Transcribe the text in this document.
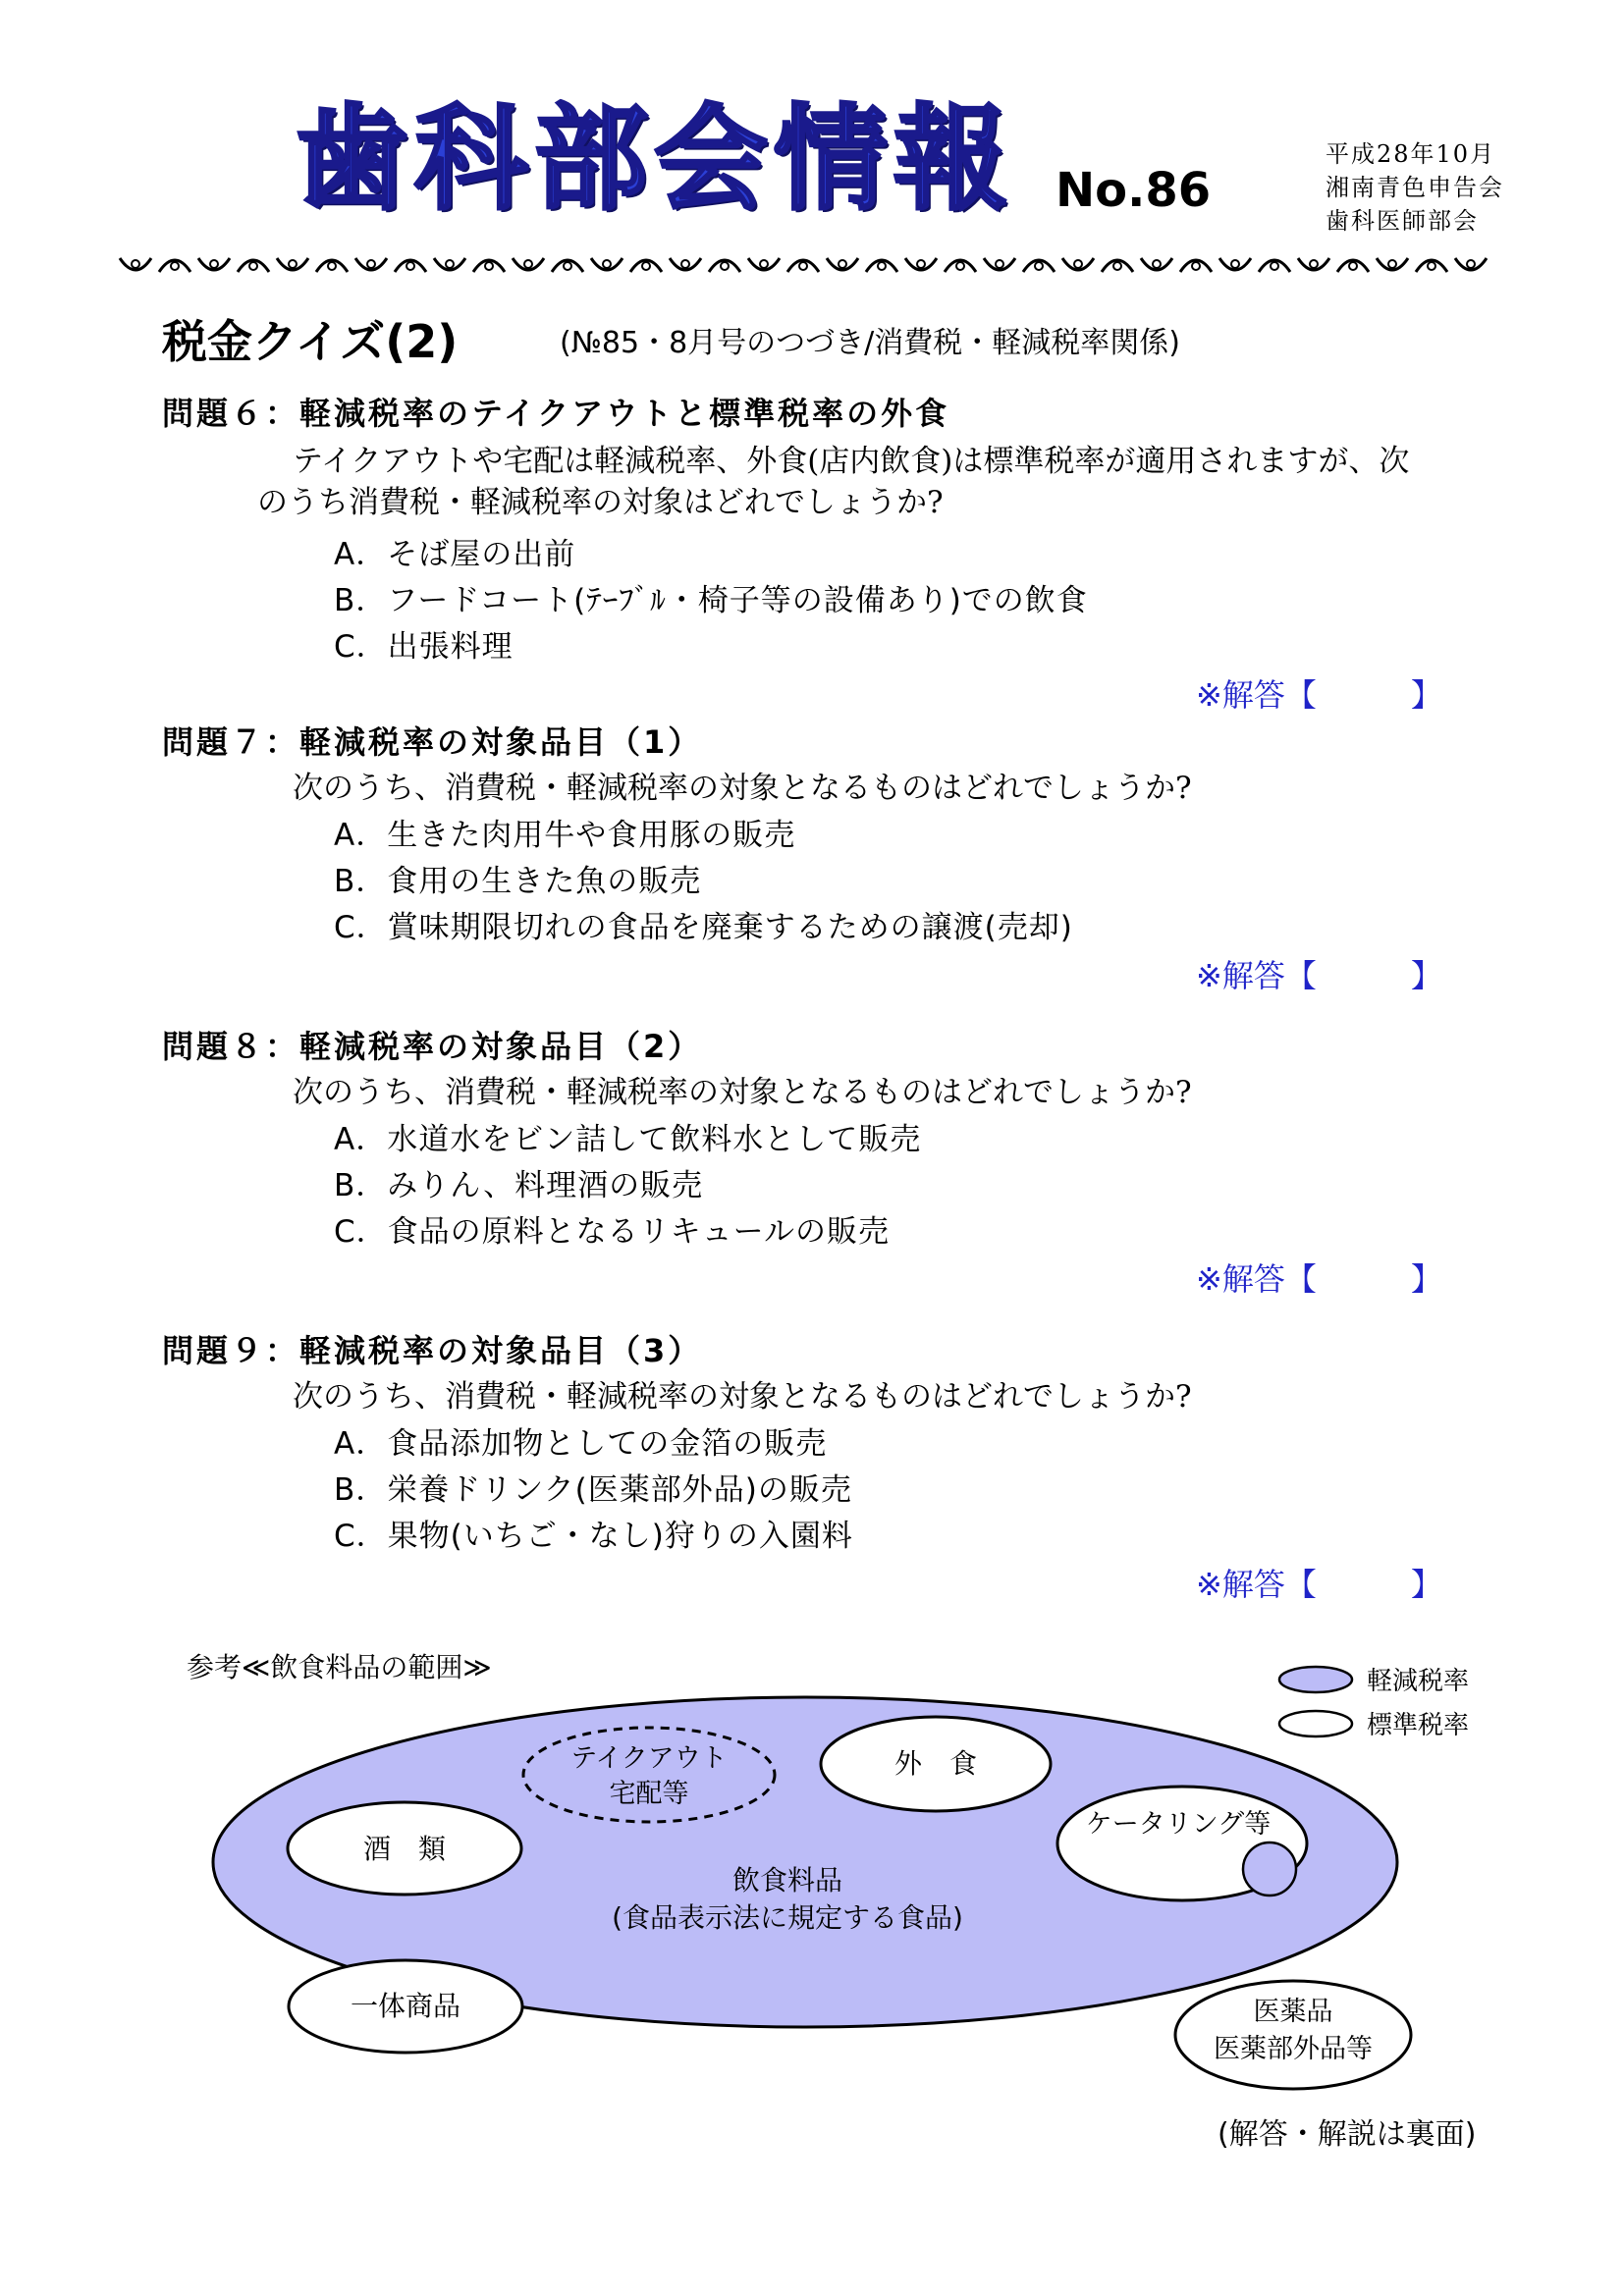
歯科部会情報 No.86
平成28年10月
湘南青色申告会
歯科医師部会
税金クイズ(2)	(№85・8月号のつづき/消費税・軽減税率関係)
問題６：軽減税率のテイクアウトと標準税率の外食
テイクアウトや宅配は軽減税率、外食(店内飲食)は標準税率が適用されますが、次
のうち消費税・軽減税率の対象はどれでしょうか?
A．そば屋の出前
B．フードコート(ﾃｰﾌﾞﾙ・椅子等の設備あり)での飲食
C．出張料理
※解答【　　　】
問題７：軽減税率の対象品目（1）
次のうち、消費税・軽減税率の対象となるものはどれでしょうか?
A．生きた肉用牛や食用豚の販売
B．食用の生きた魚の販売
C．賞味期限切れの食品を廃棄するための譲渡(売却)
※解答【　　　】
問題８：軽減税率の対象品目（2）
次のうち、消費税・軽減税率の対象となるものはどれでしょうか?
A．水道水をビン詰して飲料水として販売
B．みりん、料理酒の販売
C．食品の原料となるリキュールの販売
※解答【　　　】
問題９：軽減税率の対象品目（3）
次のうち、消費税・軽減税率の対象となるものはどれでしょうか?
A．食品添加物としての金箔の販売
B．栄養ドリンク(医薬部外品)の販売
C．果物(いちご・なし)狩りの入園料
※解答【　　　】
参考≪飲食料品の範囲≫	軽減税率
標準税率
飲食料品
(食品表示法に規定する食品)
テイクアウト
宅配等
外　食
酒　類
ケータリング等
一体商品	医薬品
医薬部外品等
(解答・解説は裏面)
